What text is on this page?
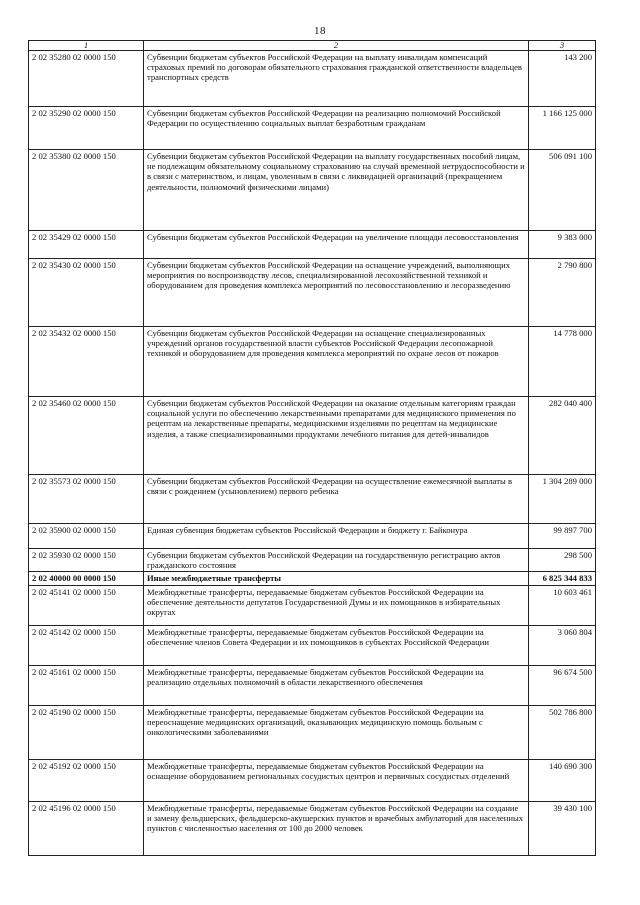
18
1	2	3
2 02 35280 02 0000 150	Субвенции бюджетам субъектов Российской Федерации на выплату инвалидам компенсаций страховых премий по договорам обязательного страхования гражданской ответственности владельцев транспортных средств	143 200
2 02 35290 02 0000 150	Субвенции бюджетам субъектов Российской Федерации на реализацию полномочий Российской Федерации по осуществлению социальных выплат безработным гражданам	1 166 125 000
2 02 35380 02 0000 150	Субвенции бюджетам субъектов Российской Федерации на выплату государственных пособий лицам, не подлежащим обязательному социальному страхованию на случай временной нетрудоспособности и в связи с материнством, и лицам, уволенным в связи с ликвидацией организаций (прекращением деятельности, полномочий физическими лицами)	506 091 100
2 02 35429 02 0000 150	Субвенции бюджетам субъектов Российской Федерации на увеличение площади лесовосстановления	9 383 000
2 02 35430 02 0000 150	Субвенции бюджетам субъектов Российской Федерации на оснащение учреждений, выполняющих мероприятия по воспроизводству лесов, специализированной лесохозяйственной техникой и оборудованием для проведения комплекса мероприятий по лесовосстановлению и лесоразведению	2 790 800
2 02 35432 02 0000 150	Субвенции бюджетам субъектов Российской Федерации на оснащение специализированных учреждений органов государственной власти субъектов Российской Федерации лесопожарной техникой и оборудованием для проведения комплекса мероприятий по охране лесов от пожаров	14 778 000
2 02 35460 02 0000 150	Субвенции бюджетам субъектов Российской Федерации на оказание отдельным категориям граждан социальной услуги по обеспечению лекарственными препаратами для медицинского применения по рецептам на лекарственные препараты, медицинскими изделиями по рецептам на медицинские изделия, а также специализированными продуктами лечебного питания для детей-инвалидов	282 040 400
2 02 35573 02 0000 150	Субвенции бюджетам субъектов Российской Федерации на осуществление ежемесячной выплаты в связи с рождением (усыновлением) первого ребенка	1 304 289 000
2 02 35900 02 0000 150	Единая субвенция бюджетам субъектов Российской Федерации и бюджету г. Байконура	99 897 700
2 02 35930 02 0000 150	Субвенции бюджетам субъектов Российской Федерации на государственную регистрацию актов гражданского состояния	298 500
2 02 40000 00 0000 150	Иные межбюджетные трансферты	6 825 344 833
2 02 45141 02 0000 150	Межбюджетные трансферты, передаваемые бюджетам субъектов Российской Федерации на обеспечение деятельности депутатов Государственной Думы и их помощников в избирательных округах	10 603 461
2 02 45142 02 0000 150	Межбюджетные трансферты, передаваемые бюджетам субъектов Российской Федерации на обеспечение членов Совета Федерации и их помощников в субъектах Российской Федерации	3 060 804
2 02 45161 02 0000 150	Межбюджетные трансферты, передаваемые бюджетам субъектов Российской Федерации на реализацию отдельных полномочий в области лекарственного обеспечения	96 674 500
2 02 45190 02 0000 150	Межбюджетные трансферты, передаваемые бюджетам субъектов Российской Федерации на переоснащение медицинских организаций, оказывающих медицинскую помощь больным с онкологическими заболеваниями	502 786 800
2 02 45192 02 0000 150	Межбюджетные трансферты, передаваемые бюджетам субъектов Российской Федерации на оснащение оборудованием региональных сосудистых центров и первичных сосудистых отделений	140 690 300
2 02 45196 02 0000 150	Межбюджетные трансферты, передаваемые бюджетам субъектов Российской Федерации на создание и замену фельдшерских, фельдшерско-акушерских пунктов и врачебных амбулаторий для населенных пунктов с численностью населения от 100 до 2000 человек	39 430 100
